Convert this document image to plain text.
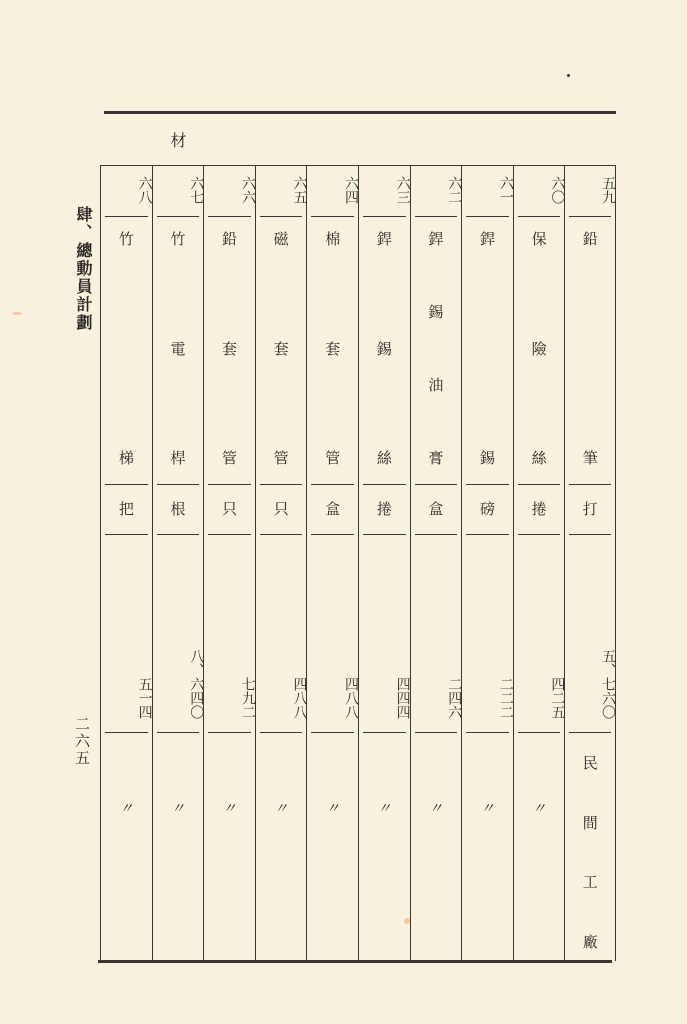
材
肆、總動員計劃
二六五
五九
鉛
筆
打
五、七六〇
民
間
工
廠
六〇
保
險
絲
捲
四二五
〃
六一
銲
錫
磅
二二二
〃
六二
銲
錫
油
膏
盒
二四六
〃
六三
銲
錫
絲
捲
四四四
〃
六四
棉
套
管
盒
四八八
〃
六五
磁
套
管
只
四八八
〃
六六
鉛
套
管
只
七九二
〃
六七
竹
電
桿
根
八、六四〇
〃
六八
竹
梯
把
五一四
〃
